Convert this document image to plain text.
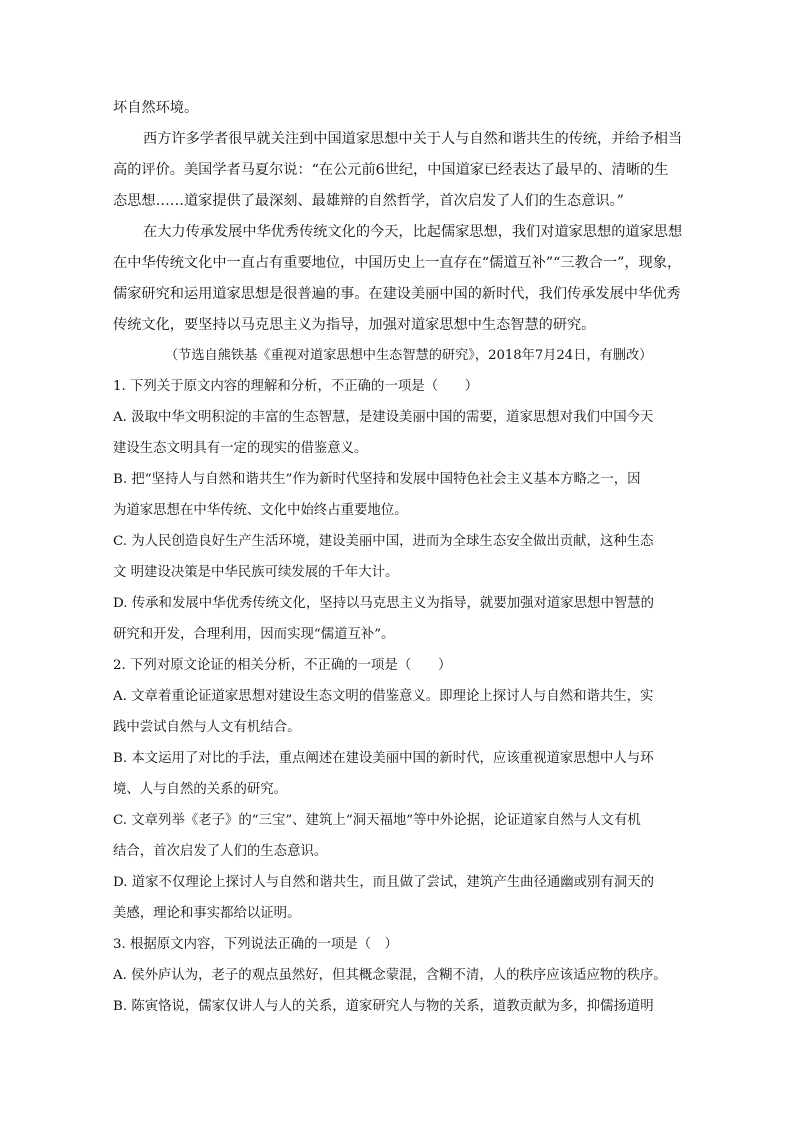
坏自然环境。
西方许多学者很早就关注到中国道家思想中关于人与自然和谐共生的传统，并给予相当
高的评价。美国学者马夏尔说：“在公元前6世纪，中国道家已经表达了最早的、清晰的生
态思想……道家提供了最深刻、最雄辩的自然哲学，首次启发了人们的生态意识。”
在大力传承发展中华优秀传统文化的今天，比起儒家思想，我们对道家思想的道家思想
在中华传统文化中一直占有重要地位，中国历史上一直存在“儒道互补”“三教合一”，现象，
儒家研究和运用道家思想是很普遍的事。在建设美丽中国的新时代，我们传承发展中华优秀
传统文化，要坚持以马克思主义为指导，加强对道家思想中生态智慧的研究。
（节选自熊铁基《重视对道家思想中生态智慧的研究》，2018年7月24日，有删改）
1. 下列关于原文内容的理解和分析，不正确的一项是（　　）
A. 汲取中华文明积淀的丰富的生态智慧，是建设美丽中国的需要，道家思想对我们中国今天
建设生态文明具有一定的现实的借鉴意义。
B. 把“坚持人与自然和谐共生”作为新时代坚持和发展中国特色社会主义基本方略之一，因
为道家思想在中华传统、文化中始终占重要地位。
C. 为人民创造良好生产生活环境，建设美丽中国，进而为全球生态安全做出贡献，这种生态
文 明建设决策是中华民族可续发展的千年大计。
D. 传承和发展中华优秀传统文化，坚持以马克思主义为指导，就要加强对道家思想中智慧的
研究和开发，合理利用，因而实现“儒道互补”。
2. 下列对原文论证的相关分析，不正确的一项是（　　）
A. 文章着重论证道家思想对建设生态文明的借鉴意义。即理论上探讨人与自然和谐共生，实
践中尝试自然与人文有机结合。
B. 本文运用了对比的手法，重点阐述在建设美丽中国的新时代，应该重视道家思想中人与环
境、人与自然的关系的研究。
C. 文章列举《老子》的“三宝”、建筑上“洞天福地”等中外论据，论证道家自然与人文有机
结合，首次启发了人们的生态意识。
D. 道家不仅理论上探讨人与自然和谐共生，而且做了尝试，建筑产生曲径通幽或别有洞天的
美感，理论和事实都给以证明。
3. 根据原文内容，下列说法正确的一项是（　）
A. 侯外庐认为，老子的观点虽然好，但其概念蒙混，含糊不清，人的秩序应该适应物的秩序。
B. 陈寅恪说，儒家仅讲人与人的关系，道家研究人与物的关系，道教贡献为多，抑儒扬道明
